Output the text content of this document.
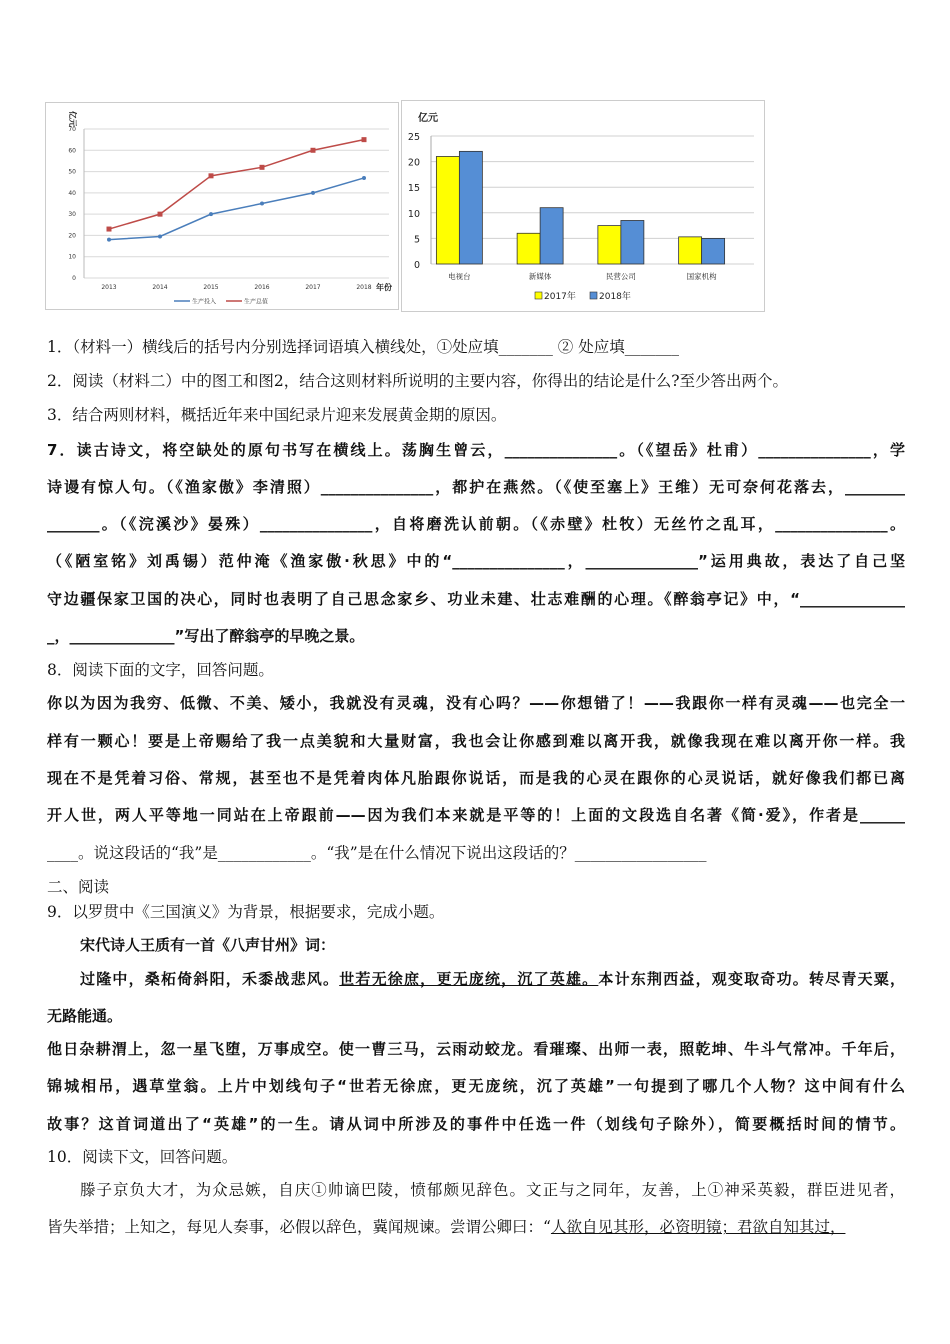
0
10
20
30
40
50
60
70
亿元
2013	2014	2015	2016	2017	2018 年份
生产投入	生产总值
亿元
0
5
10
15
20
25
电视台	新媒体	民营公司	国家机构
2017年	2018年
1．（材料一）横线后的括号内分别选择词语填入横线处，①处应填_______ ② 处应填_______
2．阅读（材料二）中的图工和图2，结合这则材料所说明的主要内容，你得出的结论是什么?至少答出两个。
3．结合两则材料，概括近年来中国纪录片迎来发展黄金期的原因。
7．读古诗文，将空缺处的原句书写在横线上。荡胸生曾云，_______________。（《望岳》杜甫）_______________，学
诗谩有惊人句。（《渔家傲》李清照）_______________，都护在燕然。（《使至塞上》王维）无可奈何花落去，________
_______。（《浣溪沙》晏殊）_______________，自将磨洗认前朝。（《赤壁》杜牧）无丝竹之乱耳，_______________。
（《陋室铭》刘禹锡）范仲淹《渔家傲·秋思》中的“_______________，_______________”运用典故，表达了自己坚
守边疆保家卫国的决心，同时也表明了自己思念家乡、功业未建、壮志难酬的心理。《醉翁亭记》中，“______________
_，______________”写出了醉翁亭的早晚之景。
8．阅读下面的文字，回答问题。
你以为因为我穷、低微、不美、矮小，我就没有灵魂，没有心吗？——你想错了！——我跟你一样有灵魂——也完全一
样有一颗心！要是上帝赐给了我一点美貌和大量财富，我也会让你感到难以离开我，就像我现在难以离开你一样。我
现在不是凭着习俗、常规，甚至也不是凭着肉体凡胎跟你说话，而是我的心灵在跟你的心灵说话，就好像我们都已离
开人世，两人平等地一同站在上帝跟前——因为我们本来就是平等的！上面的文段选自名著《简·爱》，作者是______
____。说这段话的“我”是____________。“我”是在什么情况下说出这段话的？_________________
二、阅读
9．以罗贯中《三国演义》为背景，根据要求，完成小题。
宋代诗人王质有一首《八声甘州》词：
过隆中，桑柘倚斜阳，禾黍战悲风。世若无徐庶，更无庞统，沉了英雄。本计东荆西益，观变取奇功。转尽青天粟，
无路能通。
他日杂耕渭上，忽一星飞堕，万事成空。使一曹三马，云雨动蛟龙。看璀璨、出师一表，照乾坤、牛斗气常冲。千年后，
锦城相吊，遇草堂翁。上片中划线句子“世若无徐庶，更无庞统，沉了英雄”一句提到了哪几个人物？这中间有什么
故事？这首词道出了“英雄”的一生。请从词中所涉及的事件中任选一件（划线句子除外），简要概括时间的情节。
10．阅读下文，回答问题。
滕子京负大才，为众忌嫉，自庆①帅谪巴陵，愤郁颇见辞色。文正与之同年，友善，上①神采英毅，群臣进见者，
皆失举措；上知之，每见人奏事，必假以辞色，冀闻规谏。尝谓公卿曰：“人欲自见其形，必资明镜；君欲自知其过，
